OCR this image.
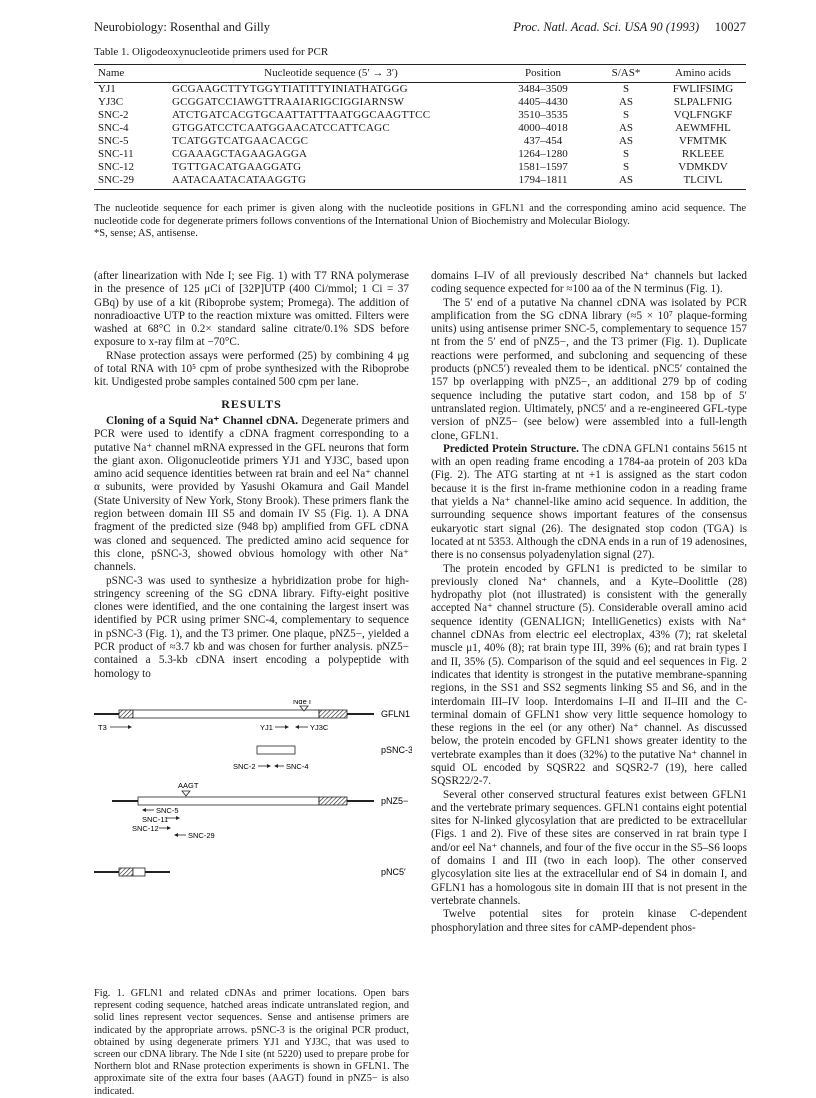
Neurobiology: Rosenthal and Gilly	Proc. Natl. Acad. Sci. USA 90 (1993) 10027
Table 1. Oligodeoxynucleotide primers used for PCR
Name	Nucleotide sequence (5′ → 3′)	Position	S/AS*	Amino acids
YJ1	GCGAAGCTTYTGGYTIATITTYINIATHATGGG	3484–3509	S	FWLIFSIMG
YJ3C	GCGGATCCIAWGTTRAAIARIGCIGGIARNSW	4405–4430	AS	SLPALFNIG
SNC-2	ATCTGATCACGTGCAATTATTTAATGGCAAGTTCC	3510–3535	S	VQLFNGKF
SNC-4	GTGGATCCTCAATGGAACATCCATTCAGC	4000–4018	AS	AEWMFHL
SNC-5	TCATGGTCATGAACACGC	437–454	AS	VFMTMK
SNC-11	CGAAAGCTAGAAGAGGA	1264–1280	S	RKLEEE
SNC-12	TGTTGACATGAAGGATG	1581–1597	S	VDMKDV
SNC-29	AATACAATACATAAGGTG	1794–1811	AS	TLCIVL
The nucleotide sequence for each primer is given along with the nucleotide positions in GFLN1 and the corresponding amino acid sequence. The nucleotide code for degenerate primers follows conventions of the International Union of Biochemistry and Molecular Biology.
*S, sense; AS, antisense.

(after linearization with Nde I; see Fig. 1) with T7 RNA polymerase in the presence of 125 μCi of [32P]UTP (400 Ci/mmol; 1 Ci = 37 GBq) by use of a kit (Riboprobe system; Promega). The addition of nonradioactive UTP to the reaction mixture was omitted. Filters were washed at 68°C in 0.2× standard saline citrate/0.1% SDS before exposure to x-ray film at −70°C.

RNase protection assays were performed (25) by combining 4 μg of total RNA with 10⁵ cpm of probe synthesized with the Riboprobe kit. Undigested probe samples contained 500 cpm per lane.

RESULTS

Cloning of a Squid Na⁺ Channel cDNA. Degenerate primers and PCR were used to identify a cDNA fragment corresponding to a putative Na⁺ channel mRNA expressed in the GFL neurons that form the giant axon. Oligonucleotide primers YJ1 and YJ3C, based upon amino acid sequence identities between rat brain and eel Na⁺ channel α subunits, were provided by Yasushi Okamura and Gail Mandel (State University of New York, Stony Brook). These primers flank the region between domain III S5 and domain IV S5 (Fig. 1). A DNA fragment of the predicted size (948 bp) amplified from GFL cDNA was cloned and sequenced. The predicted amino acid sequence for this clone, pSNC-3, showed obvious homology with other Na⁺ channels.

pSNC-3 was used to synthesize a hybridization probe for high-stringency screening of the SG cDNA library. Fifty-eight positive clones were identified, and the one containing the largest insert was identified by PCR using primer SNC-4, complementary to sequence in pSNC-3 (Fig. 1), and the T3 primer. One plaque, pNZ5−, yielded a PCR product of ≈3.7 kb and was chosen for further analysis. pNZ5− contained a 5.3-kb cDNA insert encoding a polypeptide with homology to

domains I–IV of all previously described Na⁺ channels but lacked coding sequence expected for ≈100 aa of the N terminus (Fig. 1).

The 5′ end of a putative Na channel cDNA was isolated by PCR amplification from the SG cDNA library (≈5 × 10⁷ plaque-forming units) using antisense primer SNC-5, complementary to sequence 157 nt from the 5′ end of pNZ5−, and the T3 primer (Fig. 1). Duplicate reactions were performed, and subcloning and sequencing of these products (pNC5′) revealed them to be identical. pNC5′ contained the 157 bp overlapping with pNZ5−, an additional 279 bp of coding sequence including the putative start codon, and 158 bp of 5′ untranslated region. Ultimately, pNC5′ and a re-engineered GFL-type version of pNZ5− (see below) were assembled into a full-length clone, GFLN1.

Predicted Protein Structure. The cDNA GFLN1 contains 5615 nt with an open reading frame encoding a 1784-aa protein of 203 kDa (Fig. 2). The ATG starting at nt +1 is assigned as the start codon because it is the first in-frame methionine codon in a reading frame that yields a Na⁺ channel-like amino acid sequence. In addition, the surrounding sequence shows important features of the consensus eukaryotic start signal (26). The designated stop codon (TGA) is located at nt 5353. Although the cDNA ends in a run of 19 adenosines, there is no consensus polyadenylation signal (27).

The protein encoded by GFLN1 is predicted to be similar to previously cloned Na⁺ channels, and a Kyte–Doolittle (28) hydropathy plot (not illustrated) is consistent with the generally accepted Na⁺ channel structure (5). Considerable overall amino acid sequence identity (GENALIGN; IntelliGenetics) exists with Na⁺ channel cDNAs from electric eel electroplax, 43% (7); rat skeletal muscle μ1, 40% (8); rat brain type III, 39% (6); and rat brain types I and II, 35% (5). Comparison of the squid and eel sequences in Fig. 2 indicates that identity is strongest in the putative membrane-spanning regions, in the SS1 and SS2 segments linking S5 and S6, and in the interdomain III–IV loop. Interdomains I–II and II–III and the C-terminal domain of GFLN1 show very little sequence homology to these regions in the eel (or any other) Na⁺ channel. As discussed below, the protein encoded by GFLN1 shows greater identity to the vertebrate examples than it does (32%) to the putative Na⁺ channel in squid OL encoded by SQSR22 and SQSR2-7 (19), here called SQSR22/2-7.

Several other conserved structural features exist between GFLN1 and the vertebrate primary sequences. GFLN1 contains eight potential sites for N-linked glycosylation that are predicted to be extracellular (Figs. 1 and 2). Five of these sites are conserved in rat brain type I and/or eel Na⁺ channels, and four of the five occur in the S5–S6 loops of domains I and III (two in each loop). The other conserved glycosylation site lies at the extracellular end of S4 in domain I, and GFLN1 has a homologous site in domain III that is not present in the vertebrate channels.

Twelve potential sites for protein kinase C-dependent phosphorylation and three sites for cAMP-dependent phos-

GFLN1
Nde I
T3	YJ1	YJ3C
pSNC-3
SNC-2	SNC-4
AAGT
pNZ5−
SNC-5
SNC-11
SNC-12
SNC-29
pNC5′
Fig. 1. GFLN1 and related cDNAs and primer locations. Open bars represent coding sequence, hatched areas indicate untranslated region, and solid lines represent vector sequences. Sense and antisense primers are indicated by the appropriate arrows. pSNC-3 is the original PCR product, obtained by using degenerate primers YJ1 and YJ3C, that was used to screen our cDNA library. The Nde I site (nt 5220) used to prepare probe for Northern blot and RNase protection experiments is shown in GFLN1. The approximate site of the extra four bases (AAGT) found in pNZ5− is also indicated.
